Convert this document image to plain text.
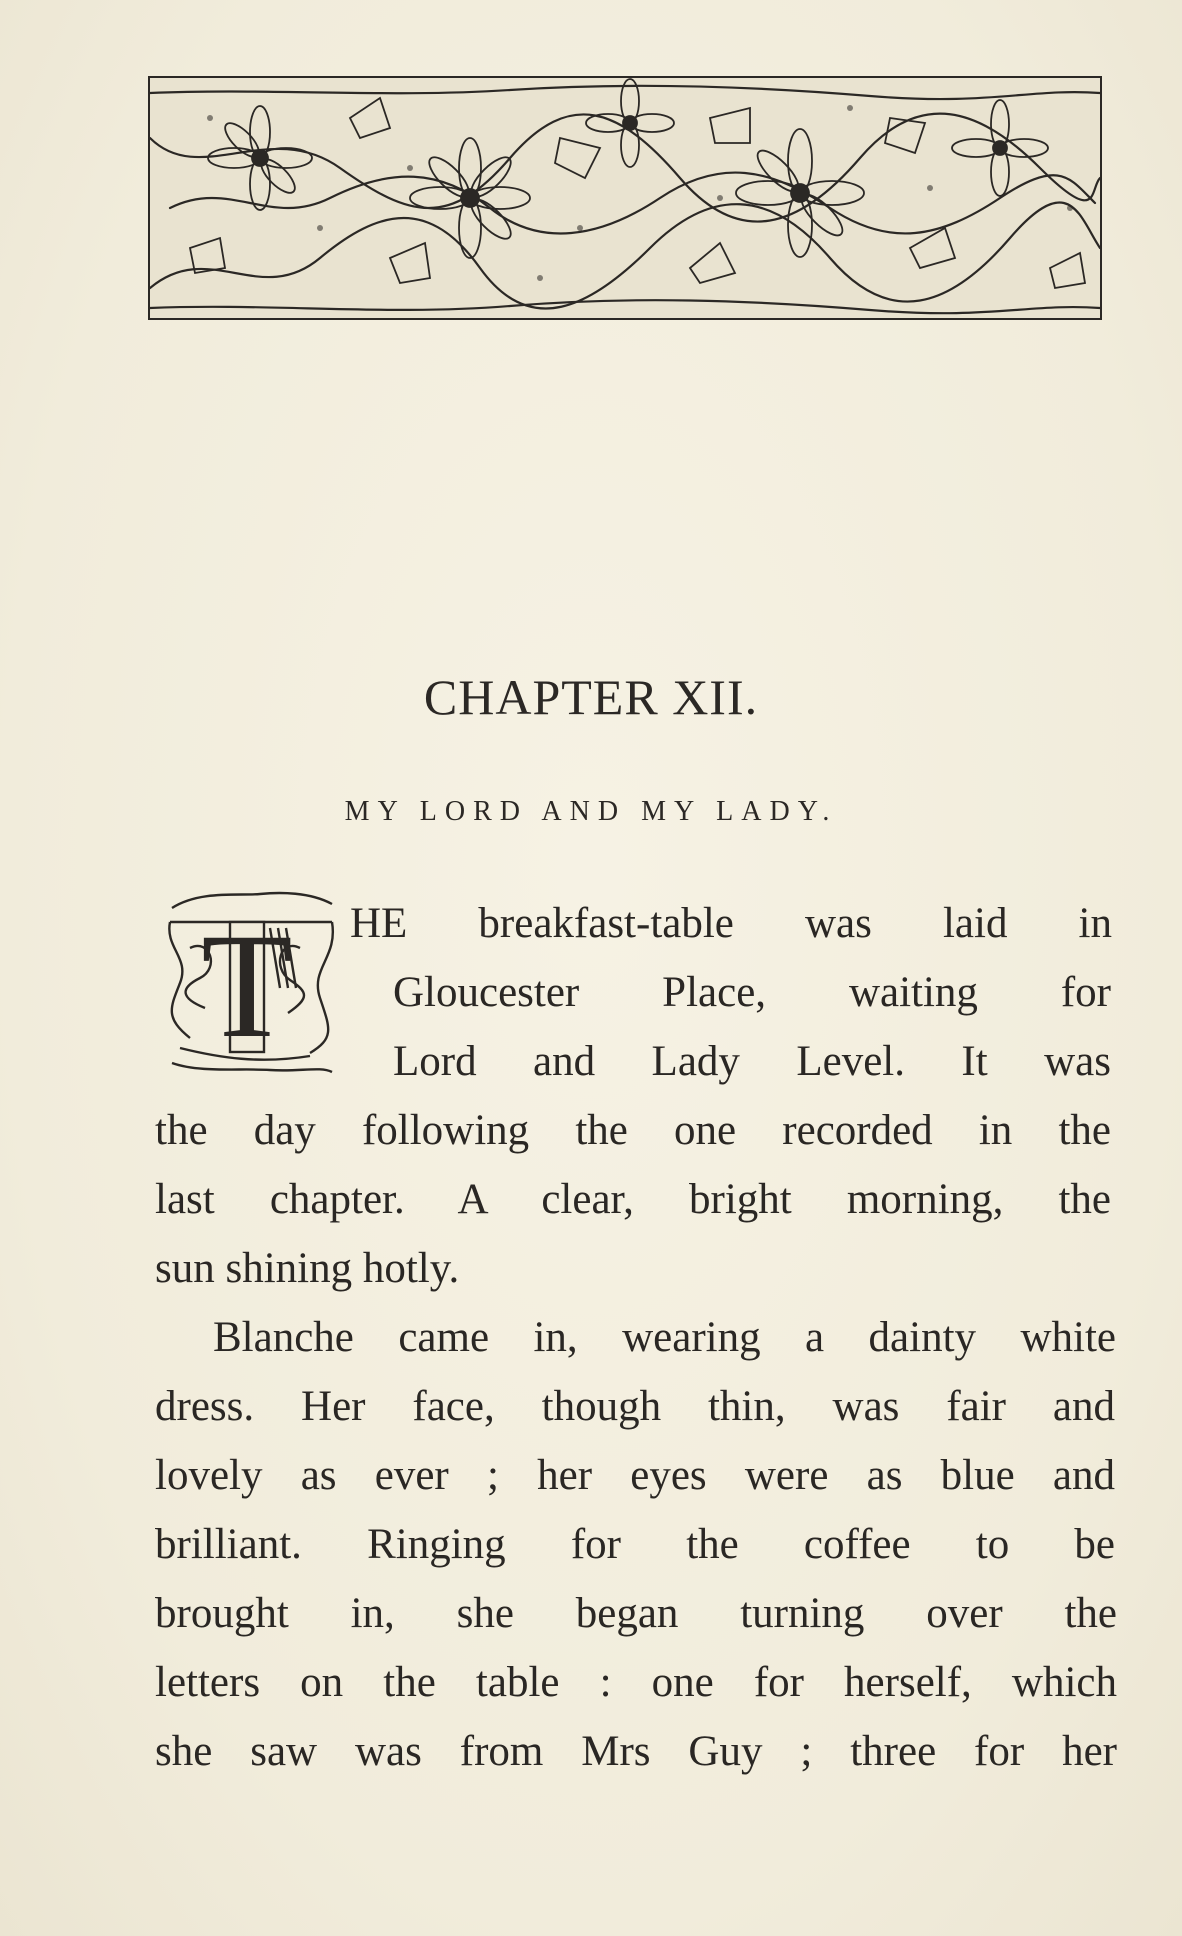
CHAPTER XII.
MY LORD AND MY LADY.
T HE breakfast-table was laid in
Gloucester Place, waiting for
Lord and Lady Level. It was
the day following the one recorded in the
last chapter. A clear, bright morning, the
sun shining hotly.
Blanche came in, wearing a dainty white
dress. Her face, though thin, was fair and
lovely as ever ; her eyes were as blue and
brilliant. Ringing for the coffee to be
brought in, she began turning over the
letters on the table : one for herself, which
she saw was from Mrs Guy ; three for her
